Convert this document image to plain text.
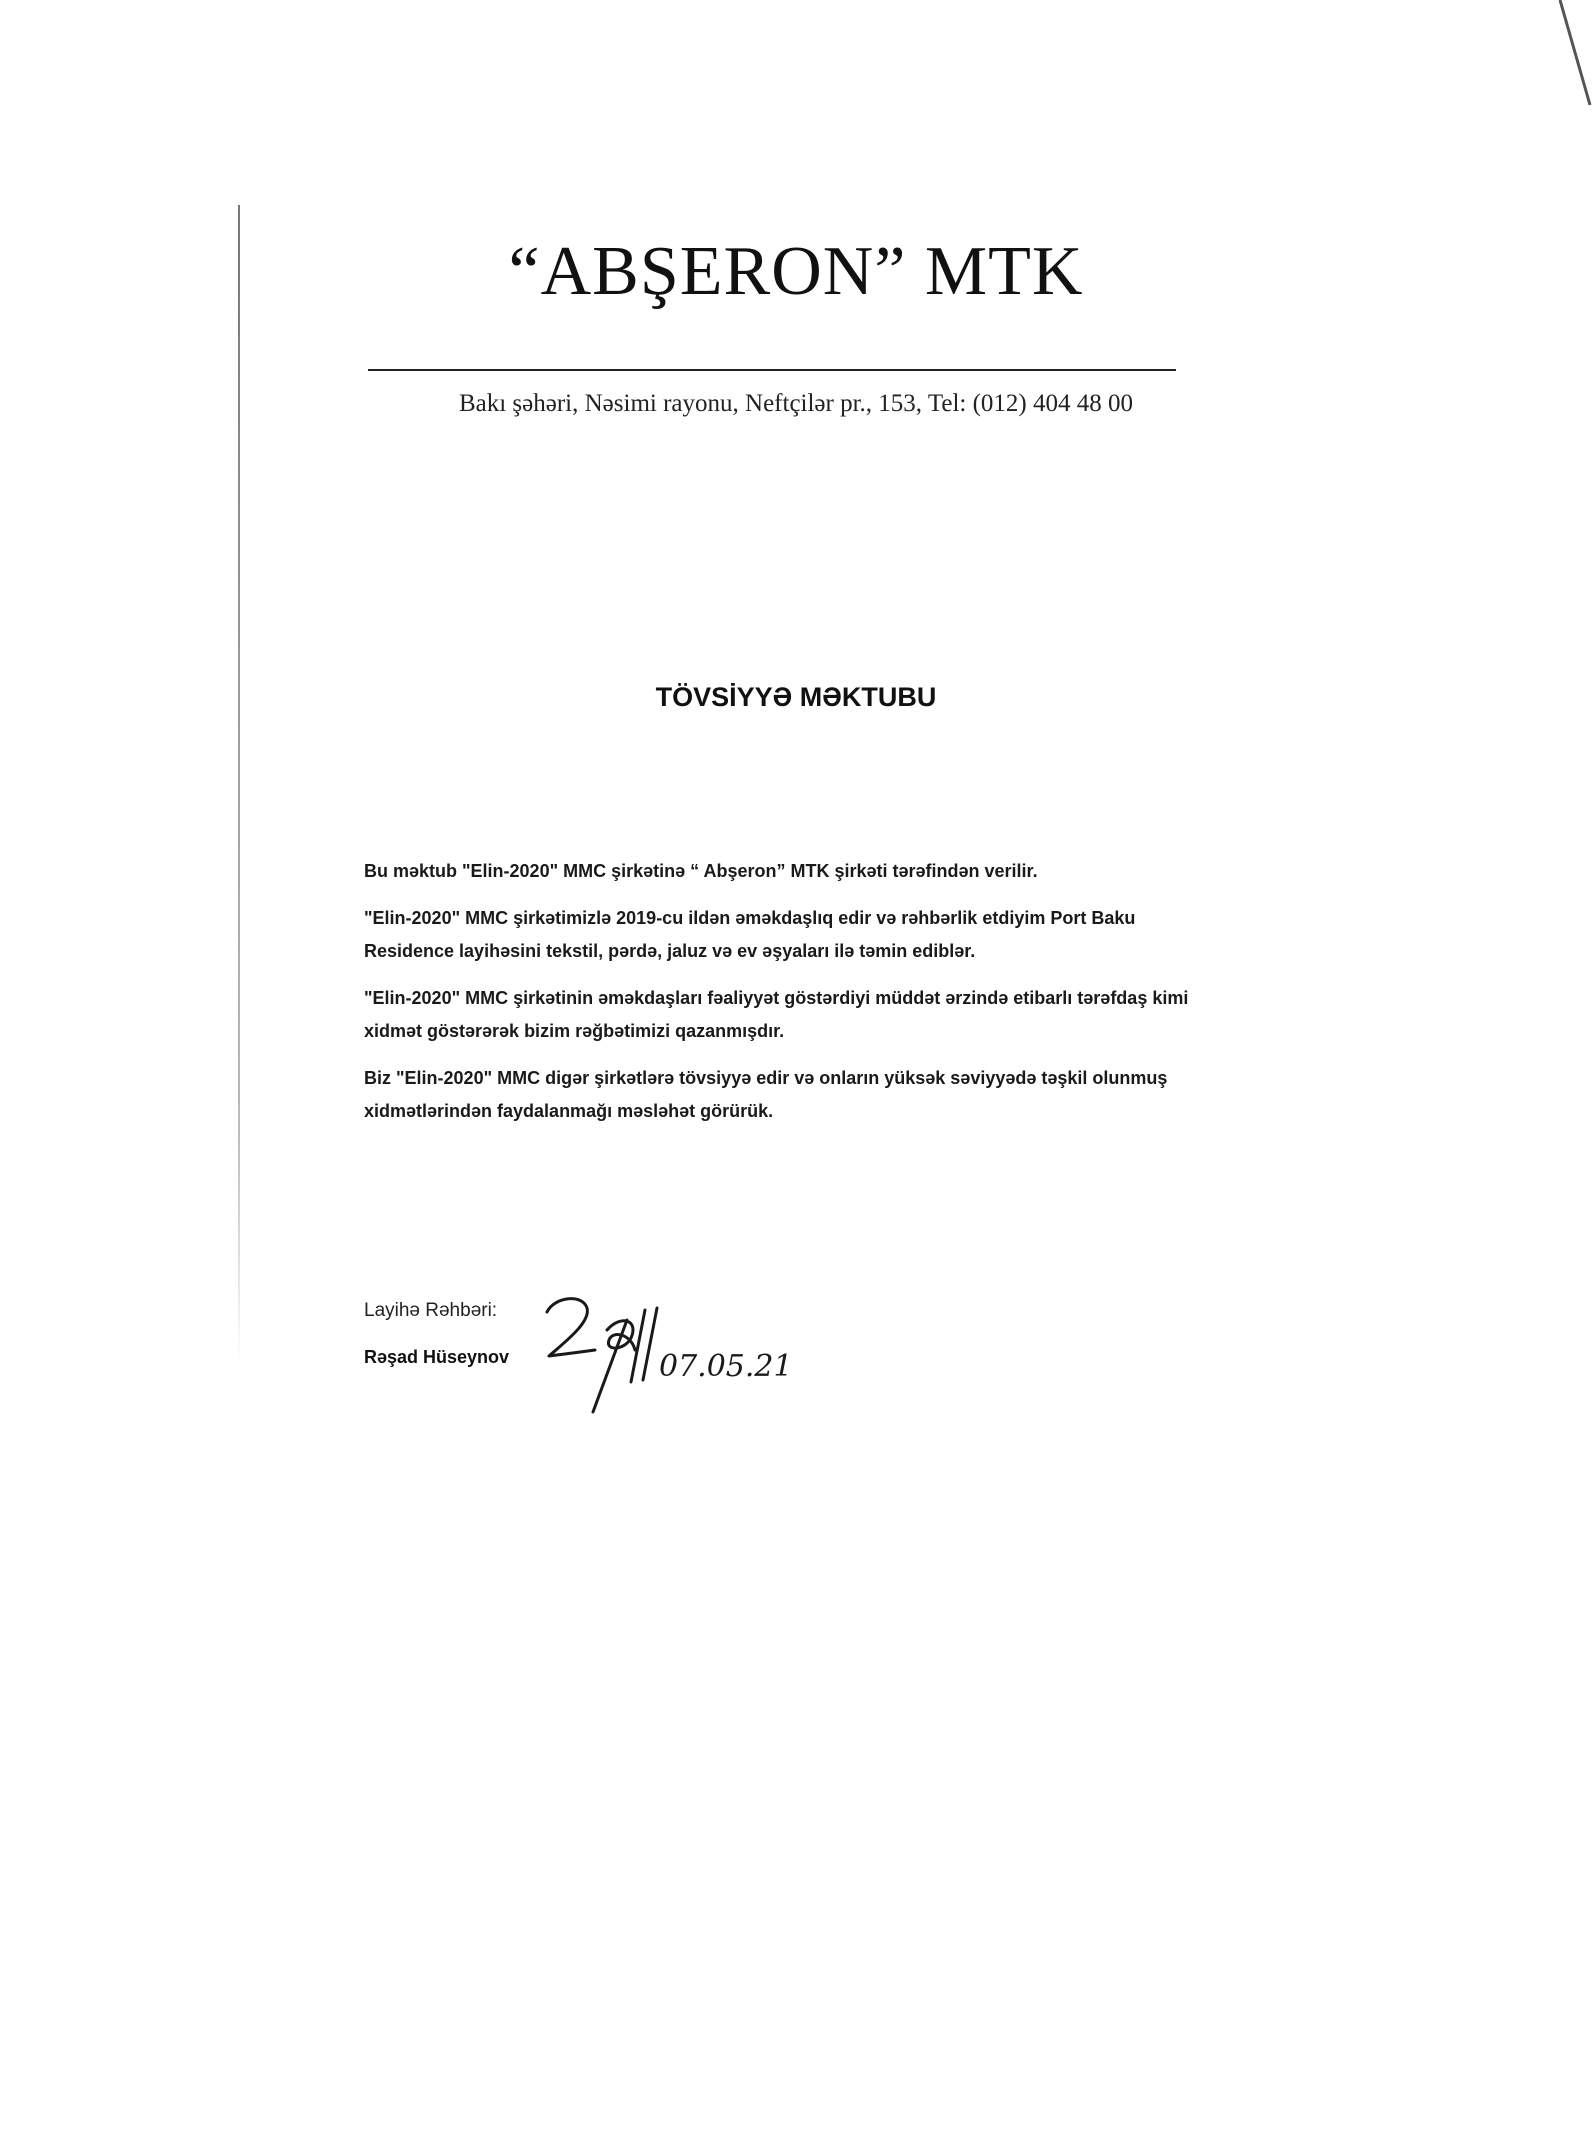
“ABŞERON” MTK
Bakı şəhəri, Nəsimi rayonu, Neftçilər pr., 153, Tel: (012) 404 48 00
TÖVSİYYƏ MƏKTUBU

Bu məktub "Elin-2020" MMC şirkətinə “ Abşeron” MTK şirkəti tərəfindən verilir.

"Elin-2020" MMC şirkətimizlə 2019-cu ildən əməkdaşlıq edir və rəhbərlik etdiyim Port Baku Residence layihəsini tekstil, pərdə, jaluz və ev əşyaları ilə təmin ediblər.

"Elin-2020" MMC şirkətinin əməkdaşları fəaliyyət göstərdiyi müddət ərzində etibarlı tərəfdaş kimi xidmət göstərərək bizim rəğbətimizi qazanmışdır.

Biz "Elin-2020" MMC digər şirkətlərə tövsiyyə edir və onların yüksək səviyyədə təşkil olunmuş xidmətlərindən faydalanmağı məsləhət görürük.

Layihə Rəhbəri:
Rəşad Hüseynov	07.05.21
